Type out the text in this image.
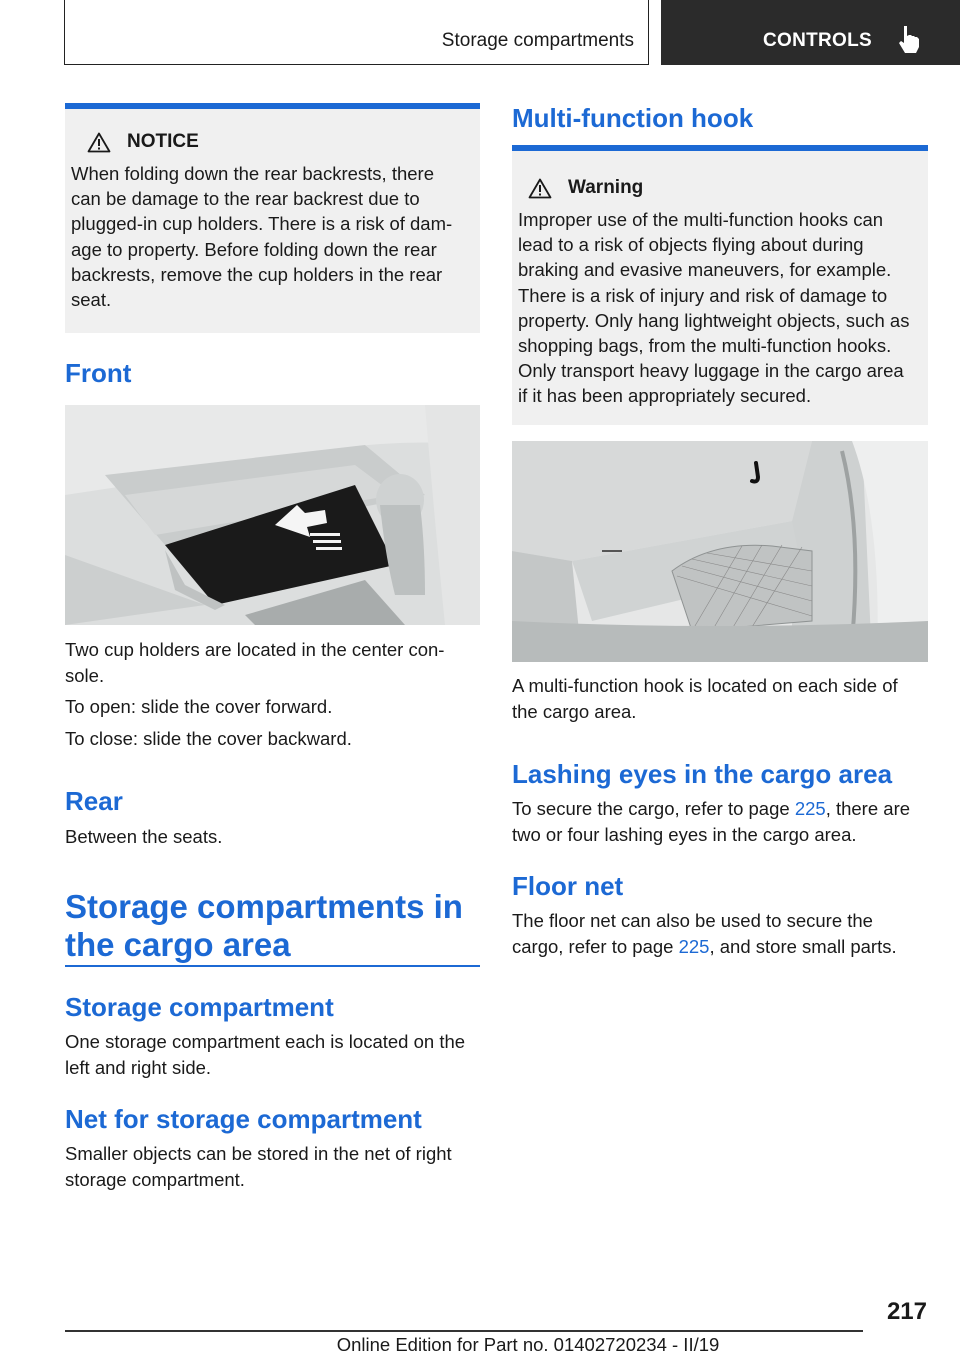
Storage compartments	CONTROLS
NOTICE
When folding down the rear backrests, there can be damage to the rear backrest due to plugged-in cup holders. There is a risk of dam-age to property. Before folding down the rear backrests, remove the cup holders in the rear seat.
Front
Two cup holders are located in the center con-sole.
To open: slide the cover forward.
To close: slide the cover backward.
Rear
Between the seats.
Storage compartments in the cargo area
Storage compartment
One storage compartment each is located on the left and right side.
Net for storage compartment
Smaller objects can be stored in the net of right storage compartment.
Multi-function hook
Warning
Improper use of the multi-function hooks can lead to a risk of objects flying about during braking and evasive maneuvers, for example. There is a risk of injury and risk of damage to property. Only hang lightweight objects, such as shopping bags, from the multi-function hooks. Only transport heavy luggage in the cargo area if it has been appropriately secured.
A multi-function hook is located on each side of the cargo area.
Lashing eyes in the cargo area
To secure the cargo, refer to page 225, there are two or four lashing eyes in the cargo area.
Floor net
The floor net can also be used to secure the cargo, refer to page 225, and store small parts.
217
Online Edition for Part no. 01402720234 - II/19
